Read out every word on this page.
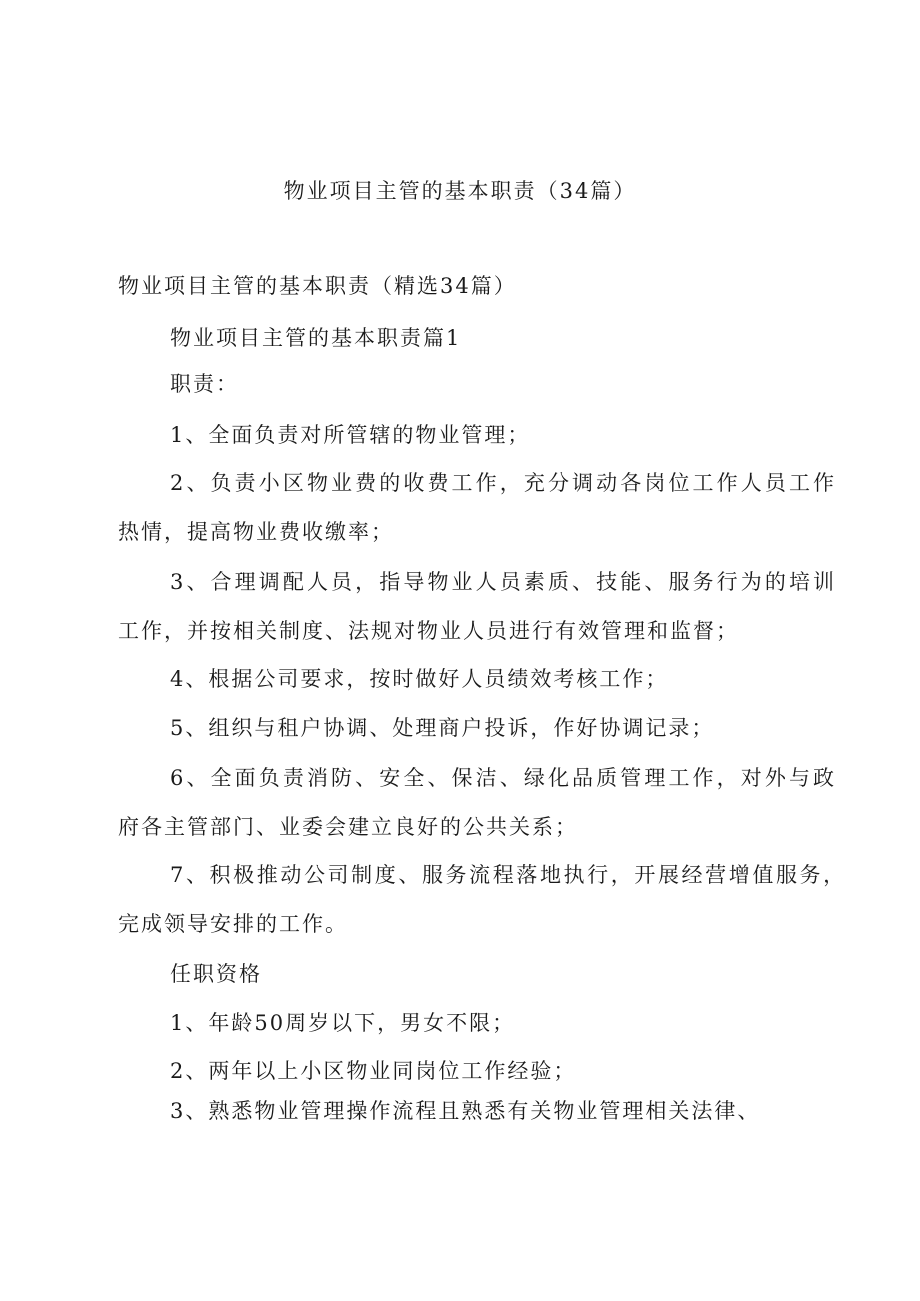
物业项目主管的基本职责（34篇）
物业项目主管的基本职责（精选34篇）
物业项目主管的基本职责篇1
职责：
1、全面负责对所管辖的物业管理；
2、负责小区物业费的收费工作，充分调动各岗位工作人员工作
热情，提高物业费收缴率；
3、合理调配人员，指导物业人员素质、技能、服务行为的培训
工作，并按相关制度、法规对物业人员进行有效管理和监督；
4、根据公司要求，按时做好人员绩效考核工作；
5、组织与租户协调、处理商户投诉，作好协调记录；
6、全面负责消防、安全、保洁、绿化品质管理工作，对外与政
府各主管部门、业委会建立良好的公共关系；
7、积极推动公司制度、服务流程落地执行，开展经营增值服务，
完成领导安排的工作。
任职资格
1、年龄50周岁以下，男女不限；
2、两年以上小区物业同岗位工作经验；
3、熟悉物业管理操作流程且熟悉有关物业管理相关法律、
